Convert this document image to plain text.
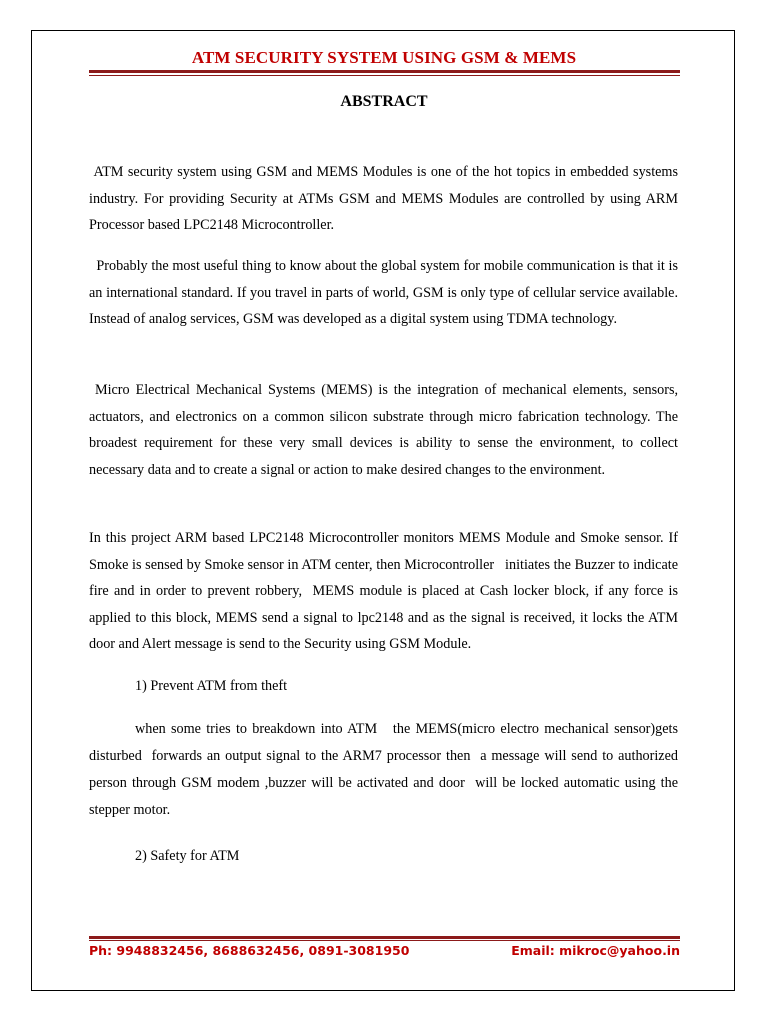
ATM SECURITY SYSTEM USING GSM & MEMS
ABSTRACT

ATM security system using GSM and MEMS Modules is one of the hot topics in embedded systems industry. For providing Security at ATMs GSM and MEMS Modules are controlled by using ARM Processor based LPC2148 Microcontroller.

Probably the most useful thing to know about the global system for mobile communication is that it is an international standard. If you travel in parts of world, GSM is only type of cellular service available. Instead of analog services, GSM was developed as a digital system using TDMA technology.

Micro Electrical Mechanical Systems (MEMS) is the integration of mechanical elements, sensors, actuators, and electronics on a common silicon substrate through micro fabrication technology. The broadest requirement for these very small devices is ability to sense the environment, to collect necessary data and to create a signal or action to make desired changes to the environment.

In this project ARM based LPC2148 Microcontroller monitors MEMS Module and Smoke sensor. If Smoke is sensed by Smoke sensor in ATM center, then Microcontroller   initiates the Buzzer to indicate fire and in order to prevent robbery,  MEMS module is placed at Cash locker block, if any force is applied to this block, MEMS send a signal to lpc2148 and as the signal is received, it locks the ATM door and Alert message is send to the Security using GSM Module.

1) Prevent ATM from theft

when some tries to breakdown into ATM   the MEMS(micro electro mechanical sensor)gets disturbed  forwards an output signal to the ARM7 processor then  a message will send to authorized  person through GSM modem ,buzzer will be activated and door  will be locked automatic using the stepper motor.

2) Safety for ATM

Ph: 9948832456, 8688632456, 0891-3081950	Email: mikroc@yahoo.in
